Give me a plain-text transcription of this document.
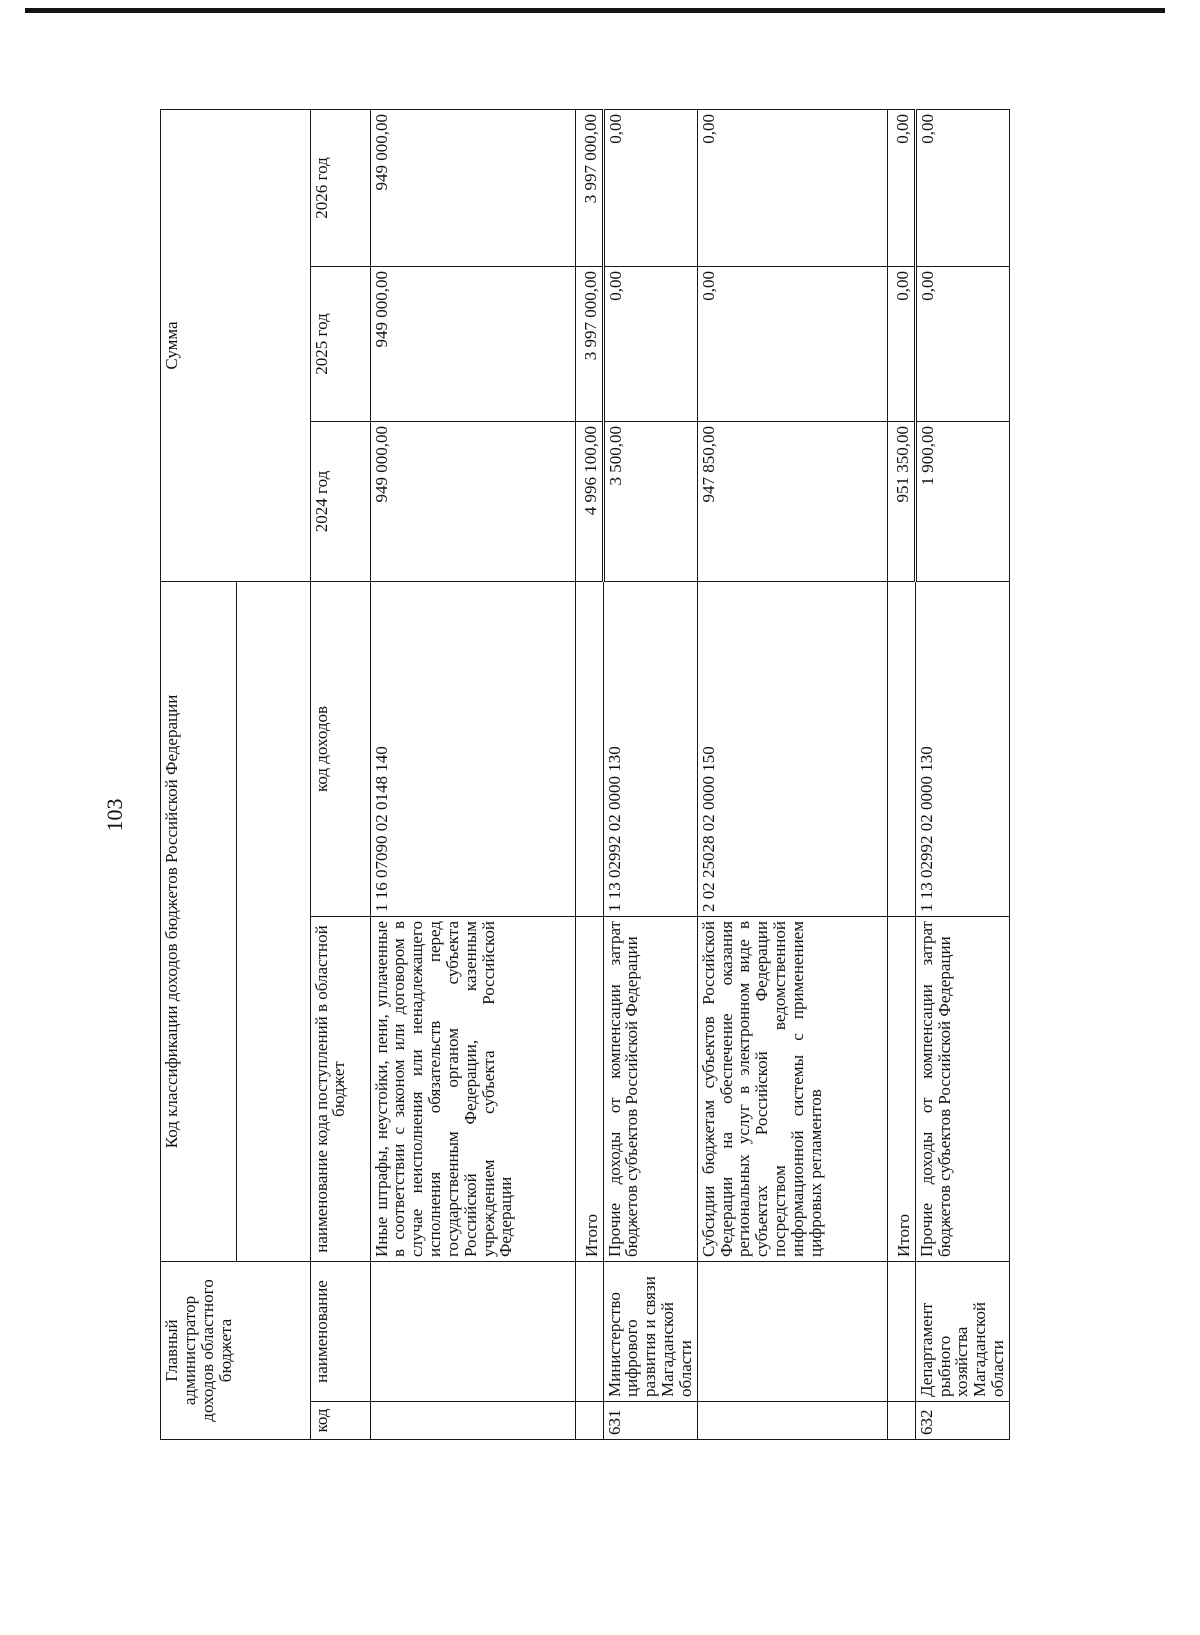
103
Главный администратор доходов областного бюджета		Код классификации доходов бюджетов Российской Федерации		Сумма		

код	наименование	наименование кода поступлений в областной бюджет	код доходов	2024 год	2025 год	2026 год
		Иные штрафы, неустойки, пени, уплаченные в соответствии с законом или договором в случае неисполнения или ненадлежащего исполнения обязательств перед государственным органом субъекта Российской Федерации, казенным учреждением субъекта Российской Федерации	1 16 07090 02 0148 140	949 000,00	949 000,00	949 000,00
		Итого		4 996 100,00	3 997 000,00	3 997 000,00
631	Министерство цифрового развития и связи Магаданской области	Прочие доходы от компенсации затрат бюджетов субъектов Российской Федерации	1 13 02992 02 0000 130	3 500,00	0,00	0,00
		Субсидии бюджетам субъектов Российской Федерации на обеспечение оказания региональных услуг в электронном виде в субъектах Российской Федерации посредством ведомственной информационной системы с применением цифровых регламентов	2 02 25028 02 0000 150	947 850,00	0,00	0,00
		Итого		951 350,00	0,00	0,00
632	Департамент рыбного хозяйства Магаданской области	Прочие доходы от компенсации затрат бюджетов субъектов Российской Федерации	1 13 02992 02 0000 130	1 900,00	0,00	0,00
